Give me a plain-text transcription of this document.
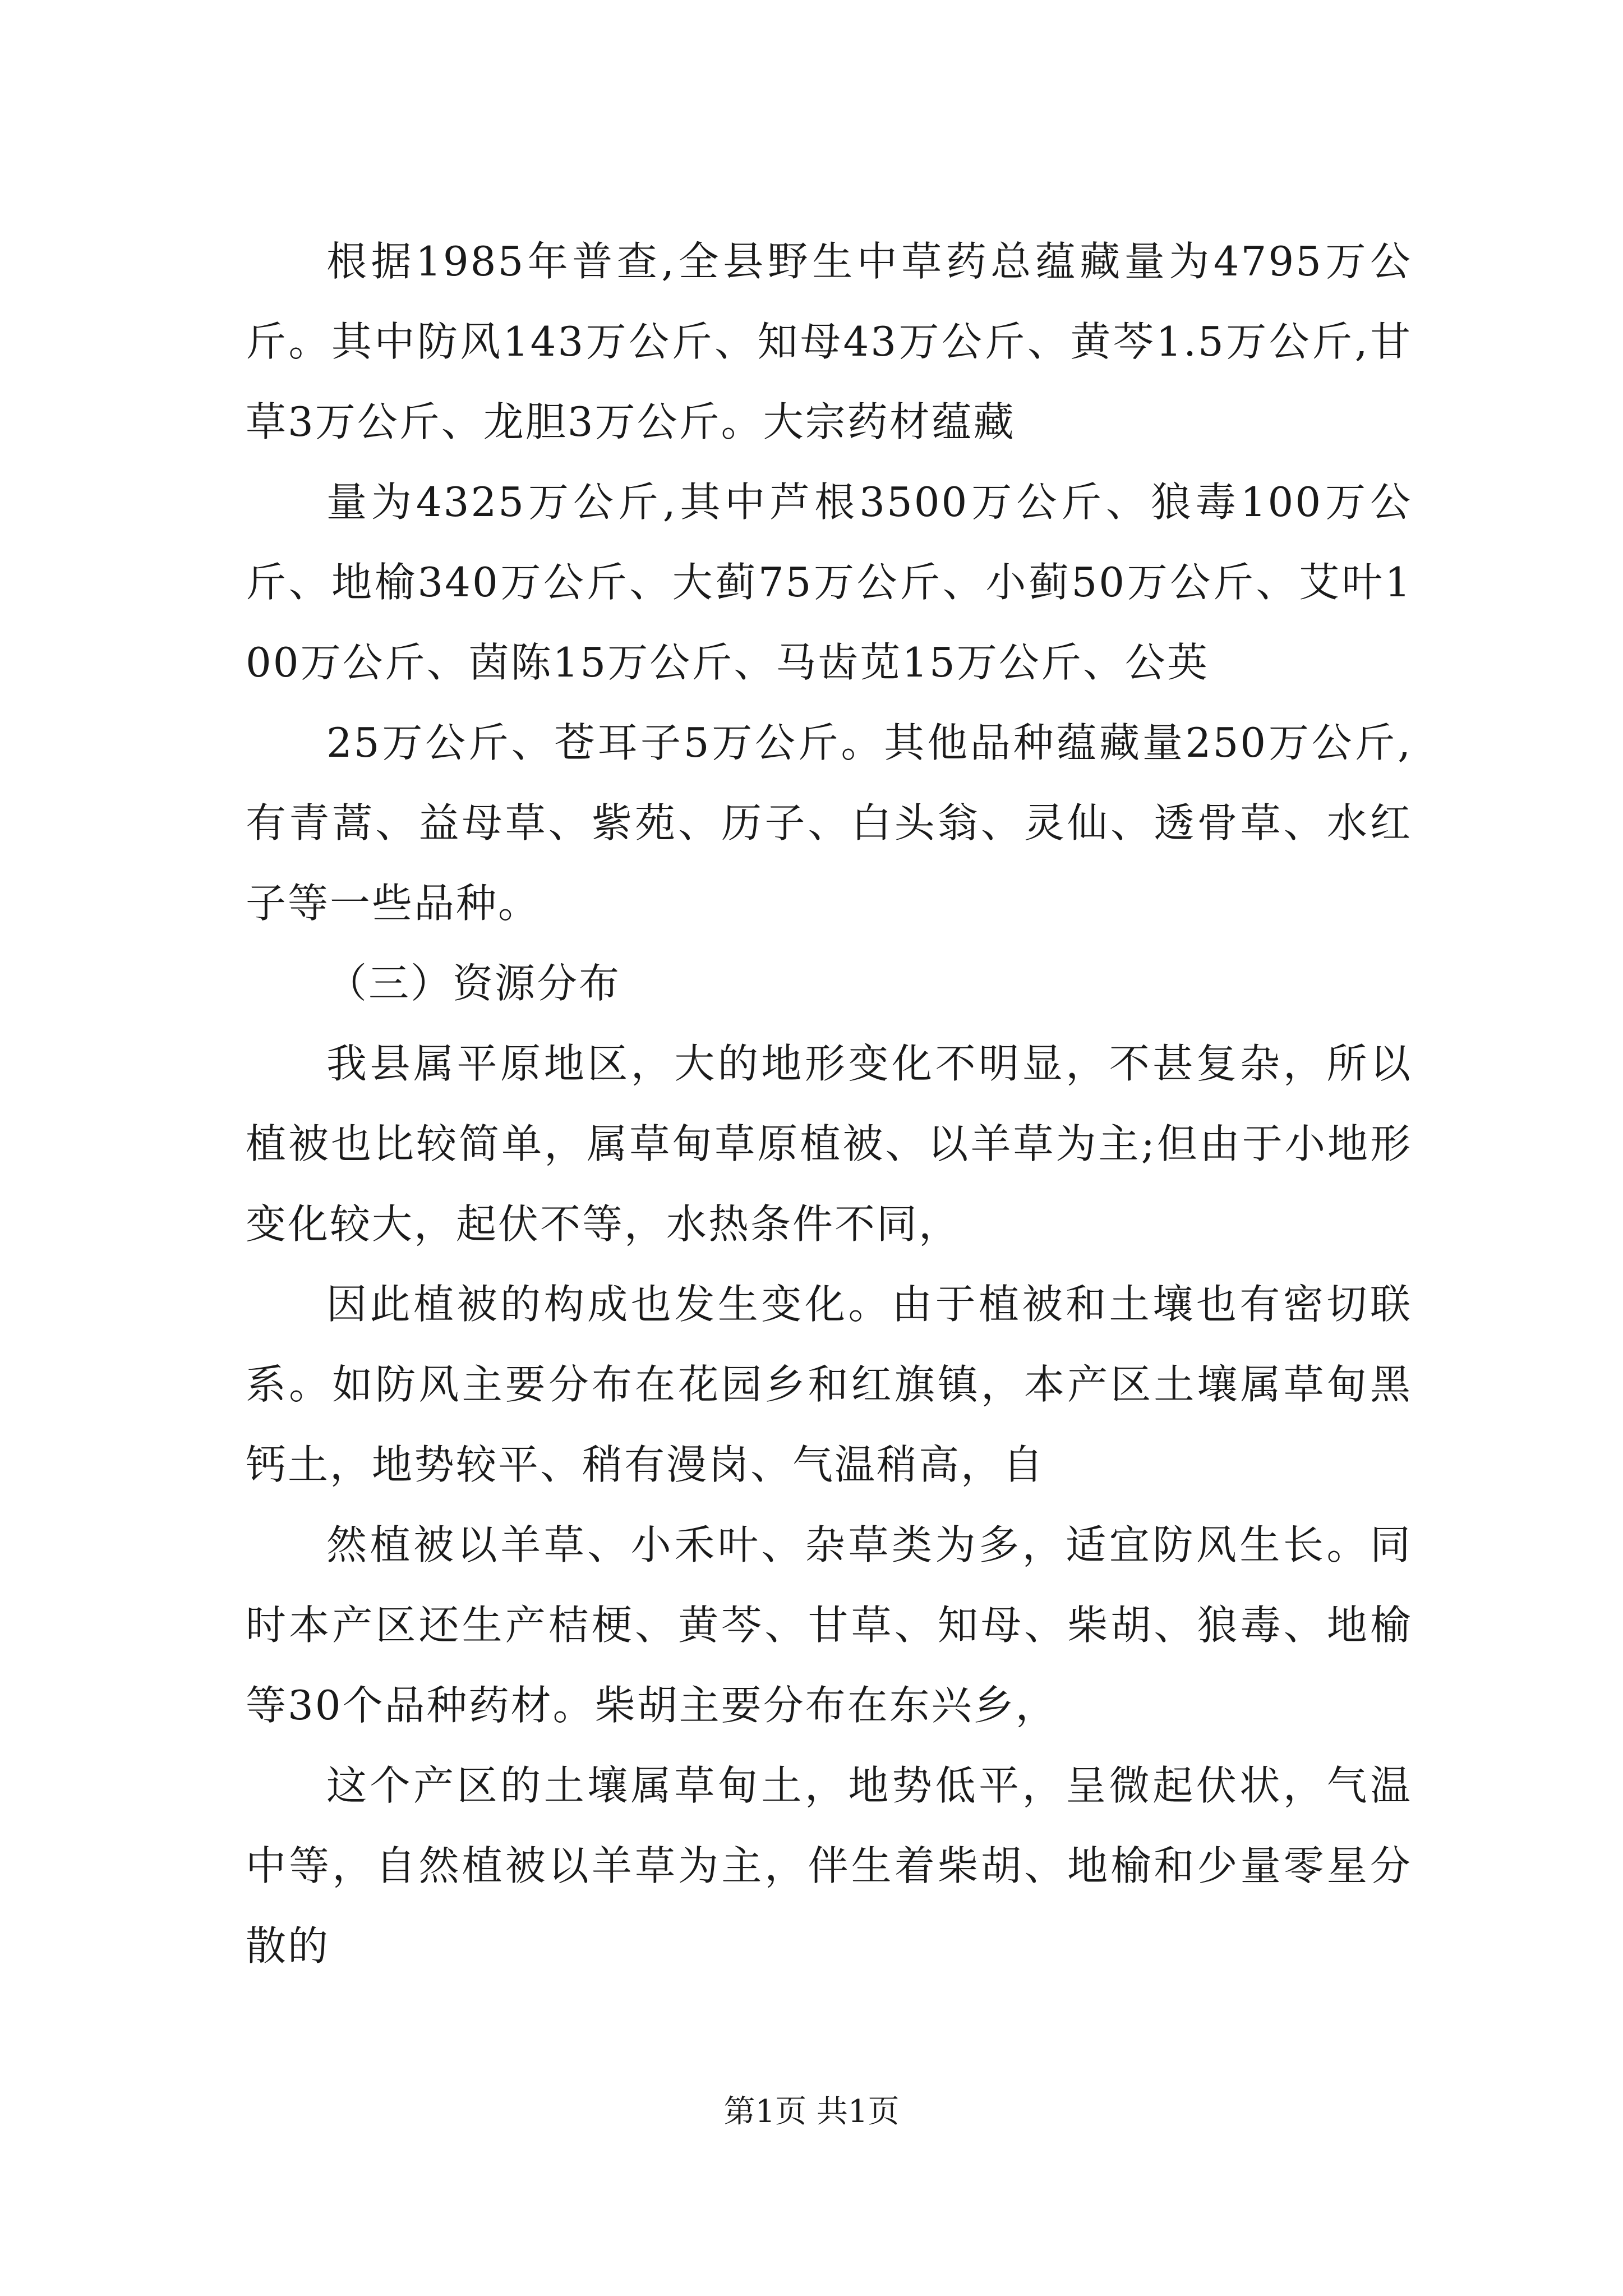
根据1985年普查,全县野生中草药总蕴藏量为4795万公斤。其中防风143万公斤、知母43万公斤、黄芩1.5万公斤,甘草3万公斤、龙胆3万公斤。大宗药材蕴藏

量为4325万公斤,其中芦根3500万公斤、狼毒100万公斤、地榆340万公斤、大蓟75万公斤、小蓟50万公斤、艾叶100万公斤、茵陈15万公斤、马齿苋15万公斤、公英

25万公斤、苍耳子5万公斤。其他品种蕴藏量250万公斤,有青蒿、益母草、紫苑、历子、白头翁、灵仙、透骨草、水红子等一些品种。

（三）资源分布

我县属平原地区，大的地形变化不明显，不甚复杂，所以植被也比较简单，属草甸草原植被、以羊草为主;但由于小地形变化较大，起伏不等，水热条件不同，

因此植被的构成也发生变化。由于植被和土壤也有密切联系。如防风主要分布在花园乡和红旗镇，本产区土壤属草甸黑钙土，地势较平、稍有漫岗、气温稍高，自

然植被以羊草、小禾叶、杂草类为多，适宜防风生长。同时本产区还生产桔梗、黄芩、甘草、知母、柴胡、狼毒、地榆等30个品种药材。柴胡主要分布在东兴乡，

这个产区的土壤属草甸土，地势低平，呈微起伏状，气温中等，自然植被以羊草为主，伴生着柴胡、地榆和少量零星分散的

第1页 共1页
